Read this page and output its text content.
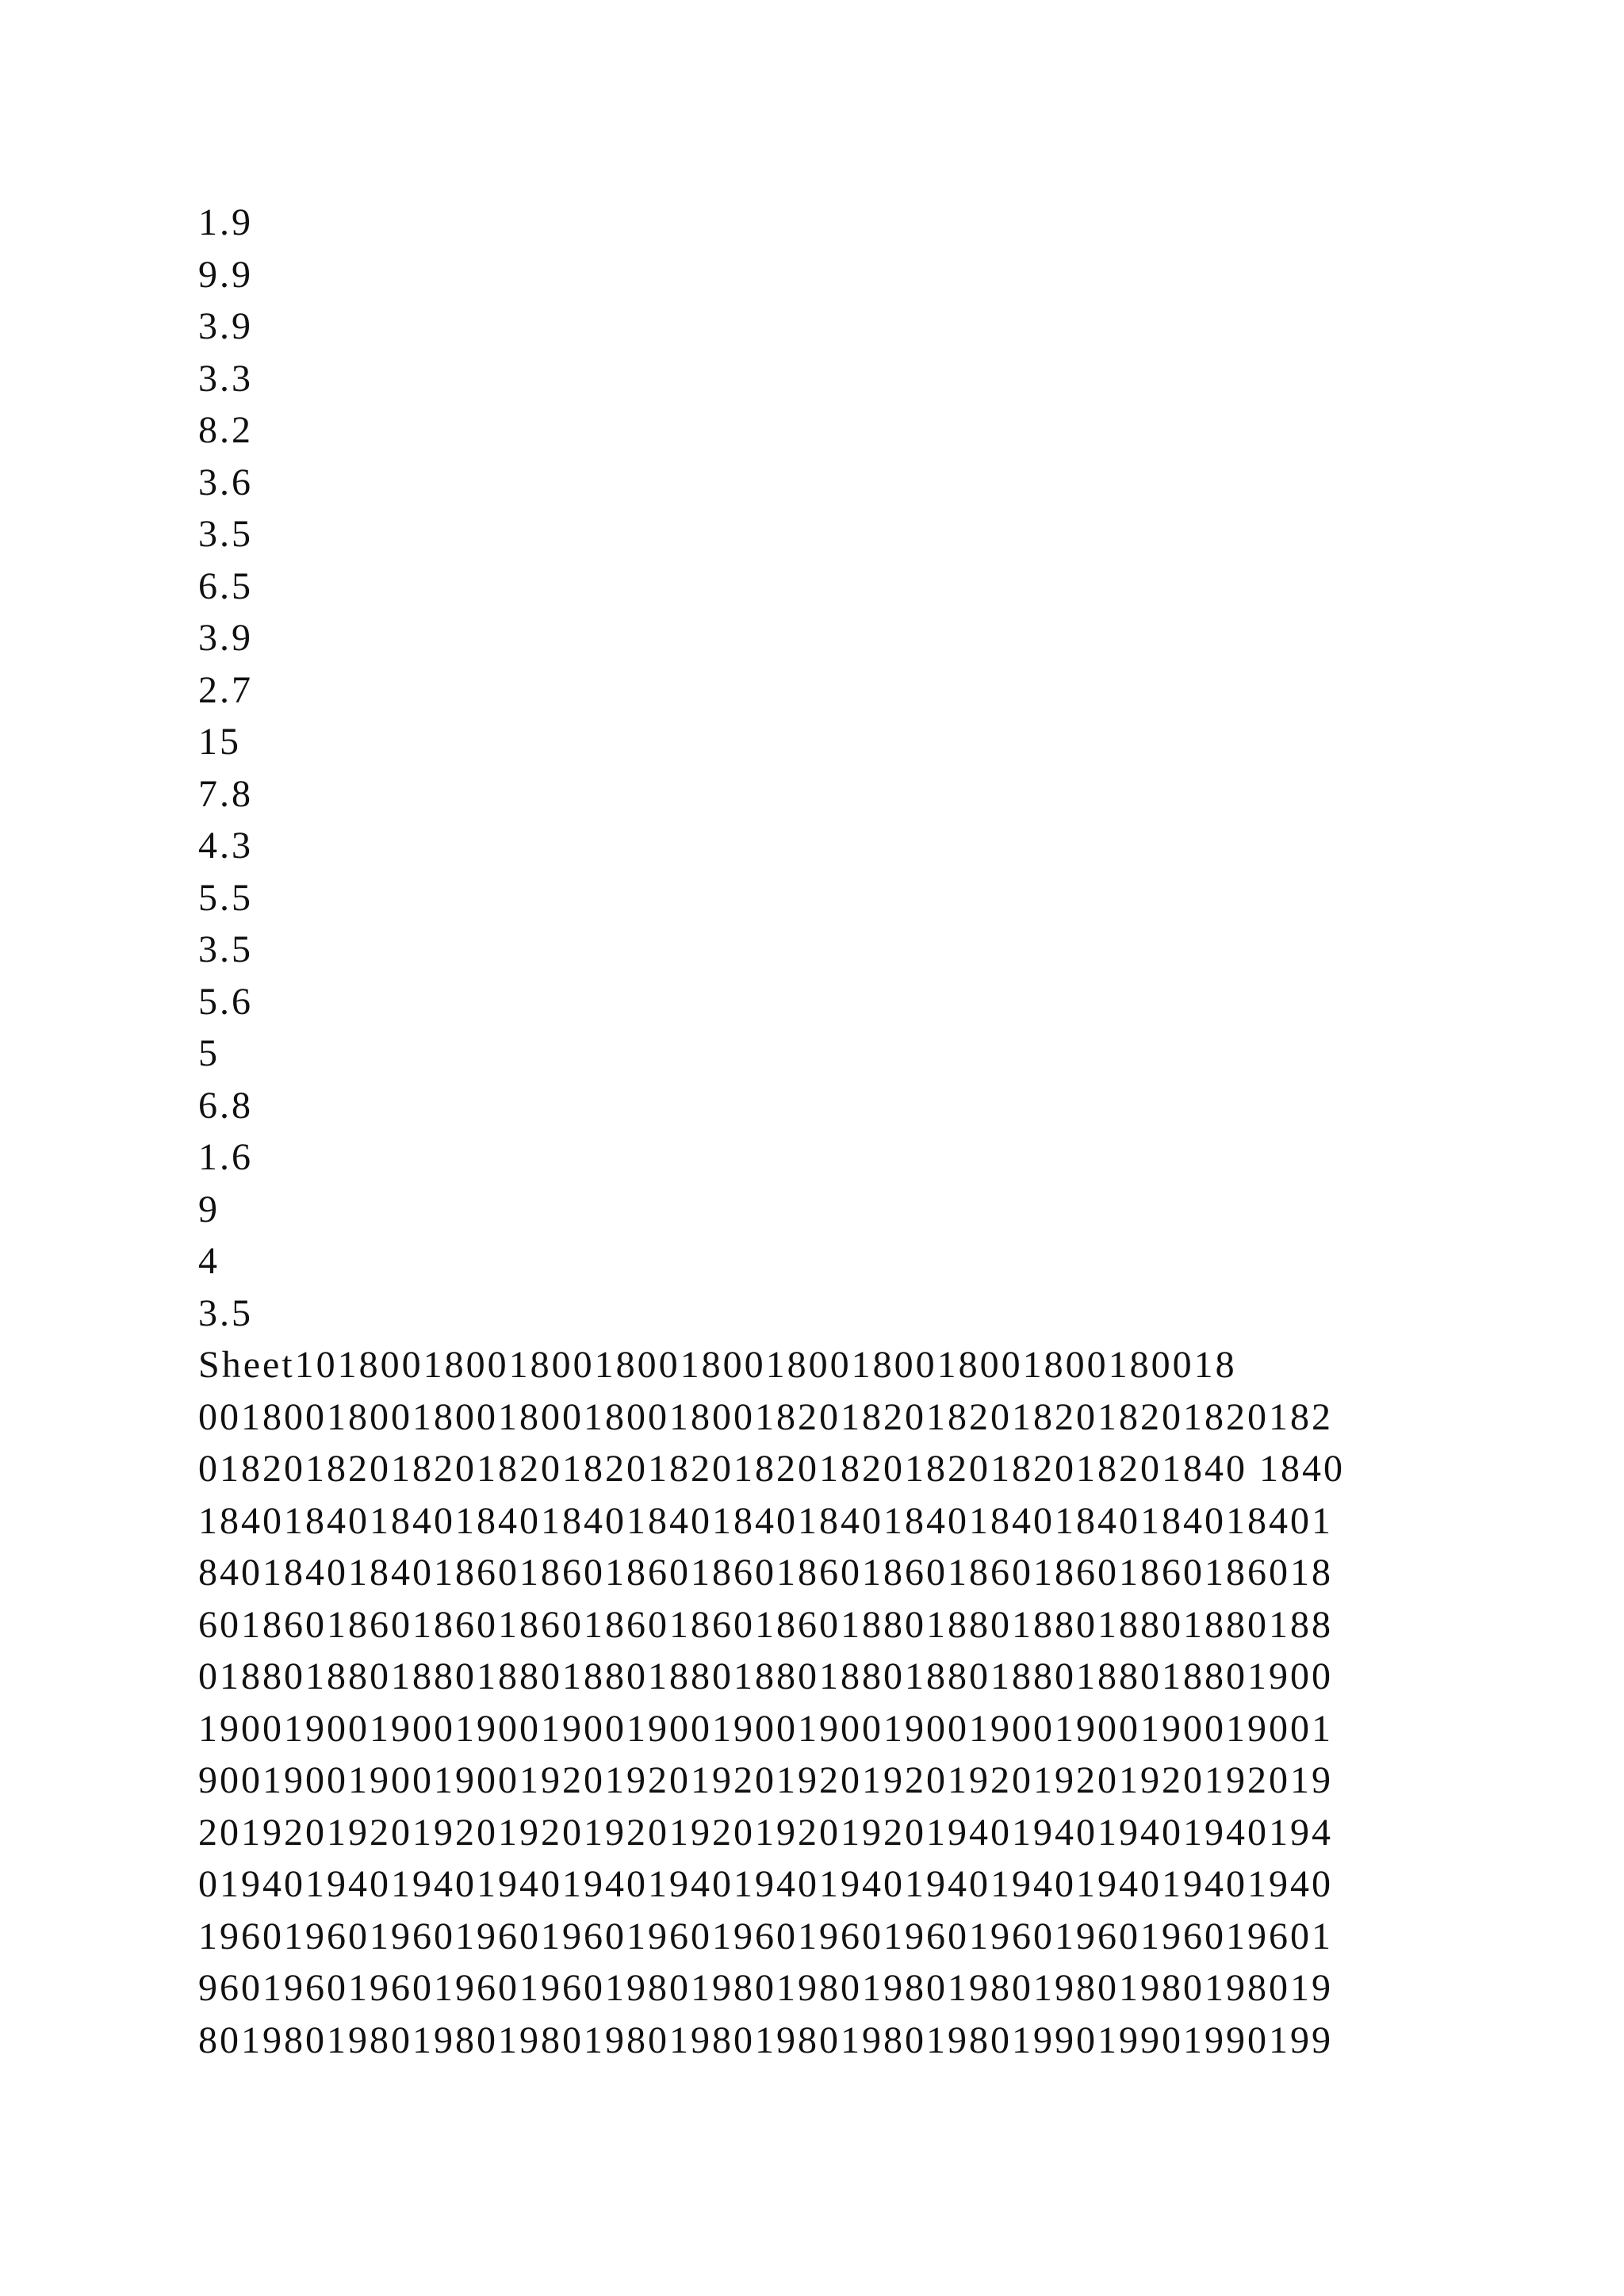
1.9
9.9
3.9
3.3
8.2
3.6
3.5
6.5
3.9
2.7
15
7.8
4.3
5.5
3.5
5.6
5
6.8
1.6
9
4
3.5
Sheet10180018001800180018001800180018001800180018
00180018001800180018001800182018201820182018201820182
0182018201820182018201820182018201820182018201840 1840
18401840184018401840184018401840184018401840184018401
84018401840186018601860186018601860186018601860186018
60186018601860186018601860186018801880188018801880188
01880188018801880188018801880188018801880188018801900
19001900190019001900190019001900190019001900190019001
90019001900190019201920192019201920192019201920192019
20192019201920192019201920192019201940194019401940194
01940194019401940194019401940194019401940194019401940
19601960196019601960196019601960196019601960196019601
96019601960196019601980198019801980198019801980198019
80198019801980198019801980198019801980199019901990199
